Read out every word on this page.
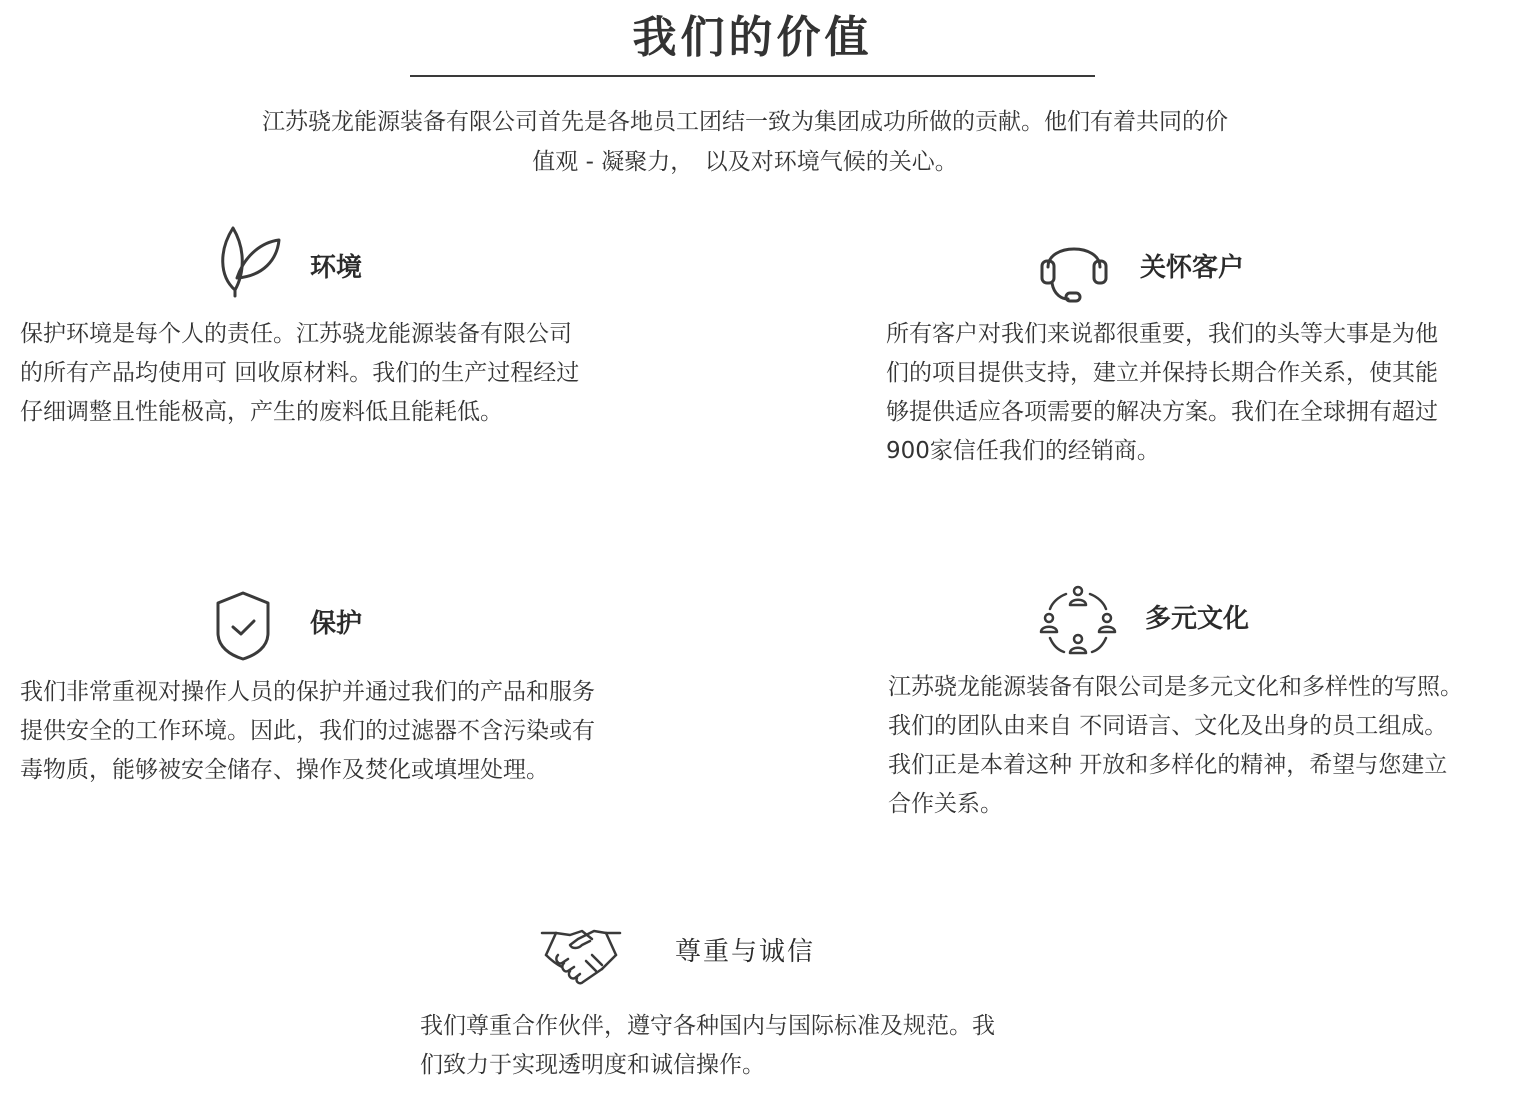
我们的价值
江苏骁龙能源装备有限公司首先是各地员工团结一致为集团成功所做的贡献。他们有着共同的价
值观 - 凝聚力，　以及对环境气候的关心。
环境
保护环境是每个人的责任。江苏骁龙能源装备有限公司
的所有产品均使用可 回收原材料。我们的生产过程经过
仔细调整且性能极高，产生的废料低且能耗低。
关怀客户
所有客户对我们来说都很重要，我们的头等大事是为他
们的项目提供支持，建立并保持长期合作关系，使其能
够提供适应各项需要的解决方案。我们在全球拥有超过
900家信任我们的经销商。
保护
我们非常重视对操作人员的保护并通过我们的产品和服务
提供安全的工作环境。因此，我们的过滤器不含污染或有
毒物质，能够被安全储存、操作及焚化或填埋处理。
多元文化
江苏骁龙能源装备有限公司是多元文化和多样性的写照。
我们的团队由来自 不同语言、文化及出身的员工组成。
我们正是本着这种 开放和多样化的精神，希望与您建立
合作关系。
尊重与诚信
我们尊重合作伙伴，遵守各种国内与国际标准及规范。我
们致力于实现透明度和诚信操作。
